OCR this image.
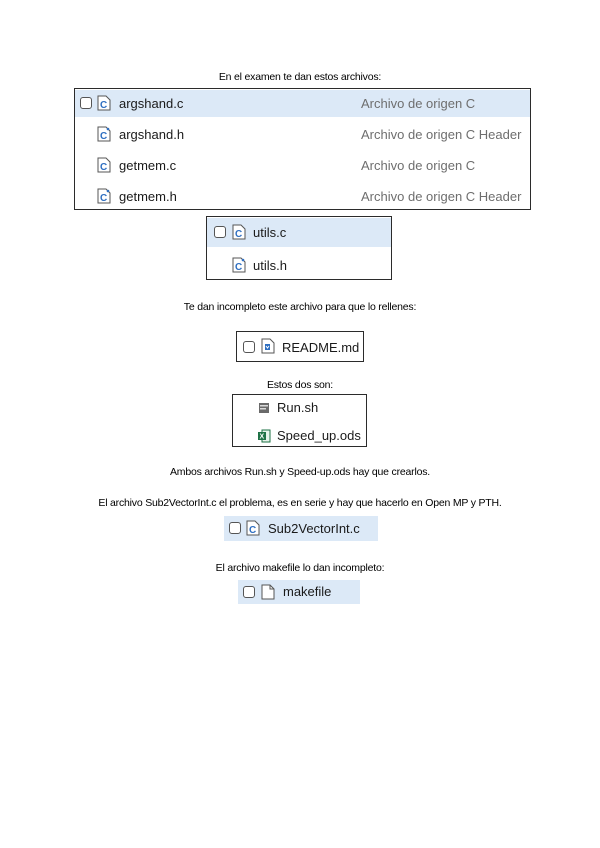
En el examen te dan estos archivos:
C argshand.c	Archivo de origen C
C argshand.h	Archivo de origen C Header
C getmem.c	Archivo de origen C
C getmem.h	Archivo de origen C Header
C utils.c
C utils.h
Te dan incompleto este archivo para que lo rellenes:
README.md
Estos dos son:
Run.sh
X Speed_up.ods
Ambos archivos Run.sh y Speed-up.ods hay que crearlos.
El archivo Sub2VectorInt.c el problema, es en serie y hay que hacerlo en Open MP y PTH.
C Sub2VectorInt.c
El archivo makefile lo dan incompleto:
makefile
